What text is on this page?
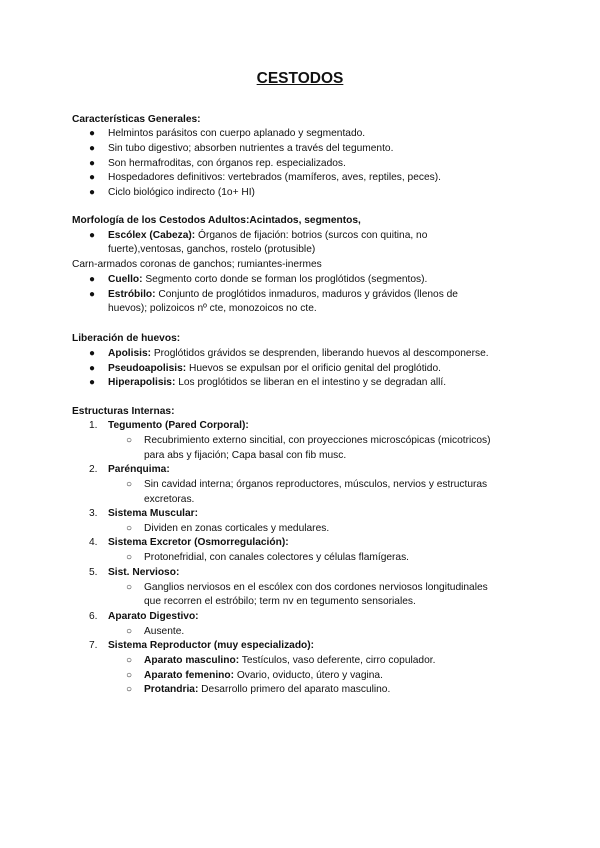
CESTODOS
Características Generales:
● Helmintos parásitos con cuerpo aplanado y segmentado.
● Sin tubo digestivo; absorben nutrientes a través del tegumento.
● Son hermafroditas, con órganos rep. especializados.
● Hospedadores definitivos: vertebrados (mamíferos, aves, reptiles, peces).
● Ciclo biológico indirecto (1o+ HI)
Morfología de los Cestodos Adultos:Acintados, segmentos,
● Escólex (Cabeza): Órganos de fijación: botrios (surcos con quitina, no
fuerte),ventosas, ganchos, rostelo (protusible)
Carn-armados coronas de ganchos; rumiantes-inermes
● Cuello: Segmento corto donde se forman los proglótidos (segmentos).
● Estróbilo: Conjunto de proglótidos inmaduros, maduros y grávidos (llenos de
huevos); polizoicos nº cte, monozoicos no cte.
Liberación de huevos:
● Apolisis: Proglótidos grávidos se desprenden, liberando huevos al descomponerse.
● Pseudoapolisis: Huevos se expulsan por el orificio genital del proglótido.
● Hiperapolisis: Los proglótidos se liberan en el intestino y se degradan allí.
Estructuras Internas:
1. Tegumento (Pared Corporal):
○ Recubrimiento externo sincitial, con proyecciones microscópicas (micotricos)
para abs y fijación; Capa basal con fib musc.
2. Parénquima:
○ Sin cavidad interna; órganos reproductores, músculos, nervios y estructuras
excretoras.
3. Sistema Muscular:
○ Dividen en zonas corticales y medulares.
4. Sistema Excretor (Osmorregulación):
○ Protonefridial, con canales colectores y células flamígeras.
5. Sist. Nervioso:
○ Ganglios nerviosos en el escólex con dos cordones nerviosos longitudinales
que recorren el estróbilo; term nv en tegumento sensoriales.
6. Aparato Digestivo:
○ Ausente.
7. Sistema Reproductor (muy especializado):
○ Aparato masculino: Testículos, vaso deferente, cirro copulador.
○ Aparato femenino: Ovario, oviducto, útero y vagina.
○ Protandria: Desarrollo primero del aparato masculino.
